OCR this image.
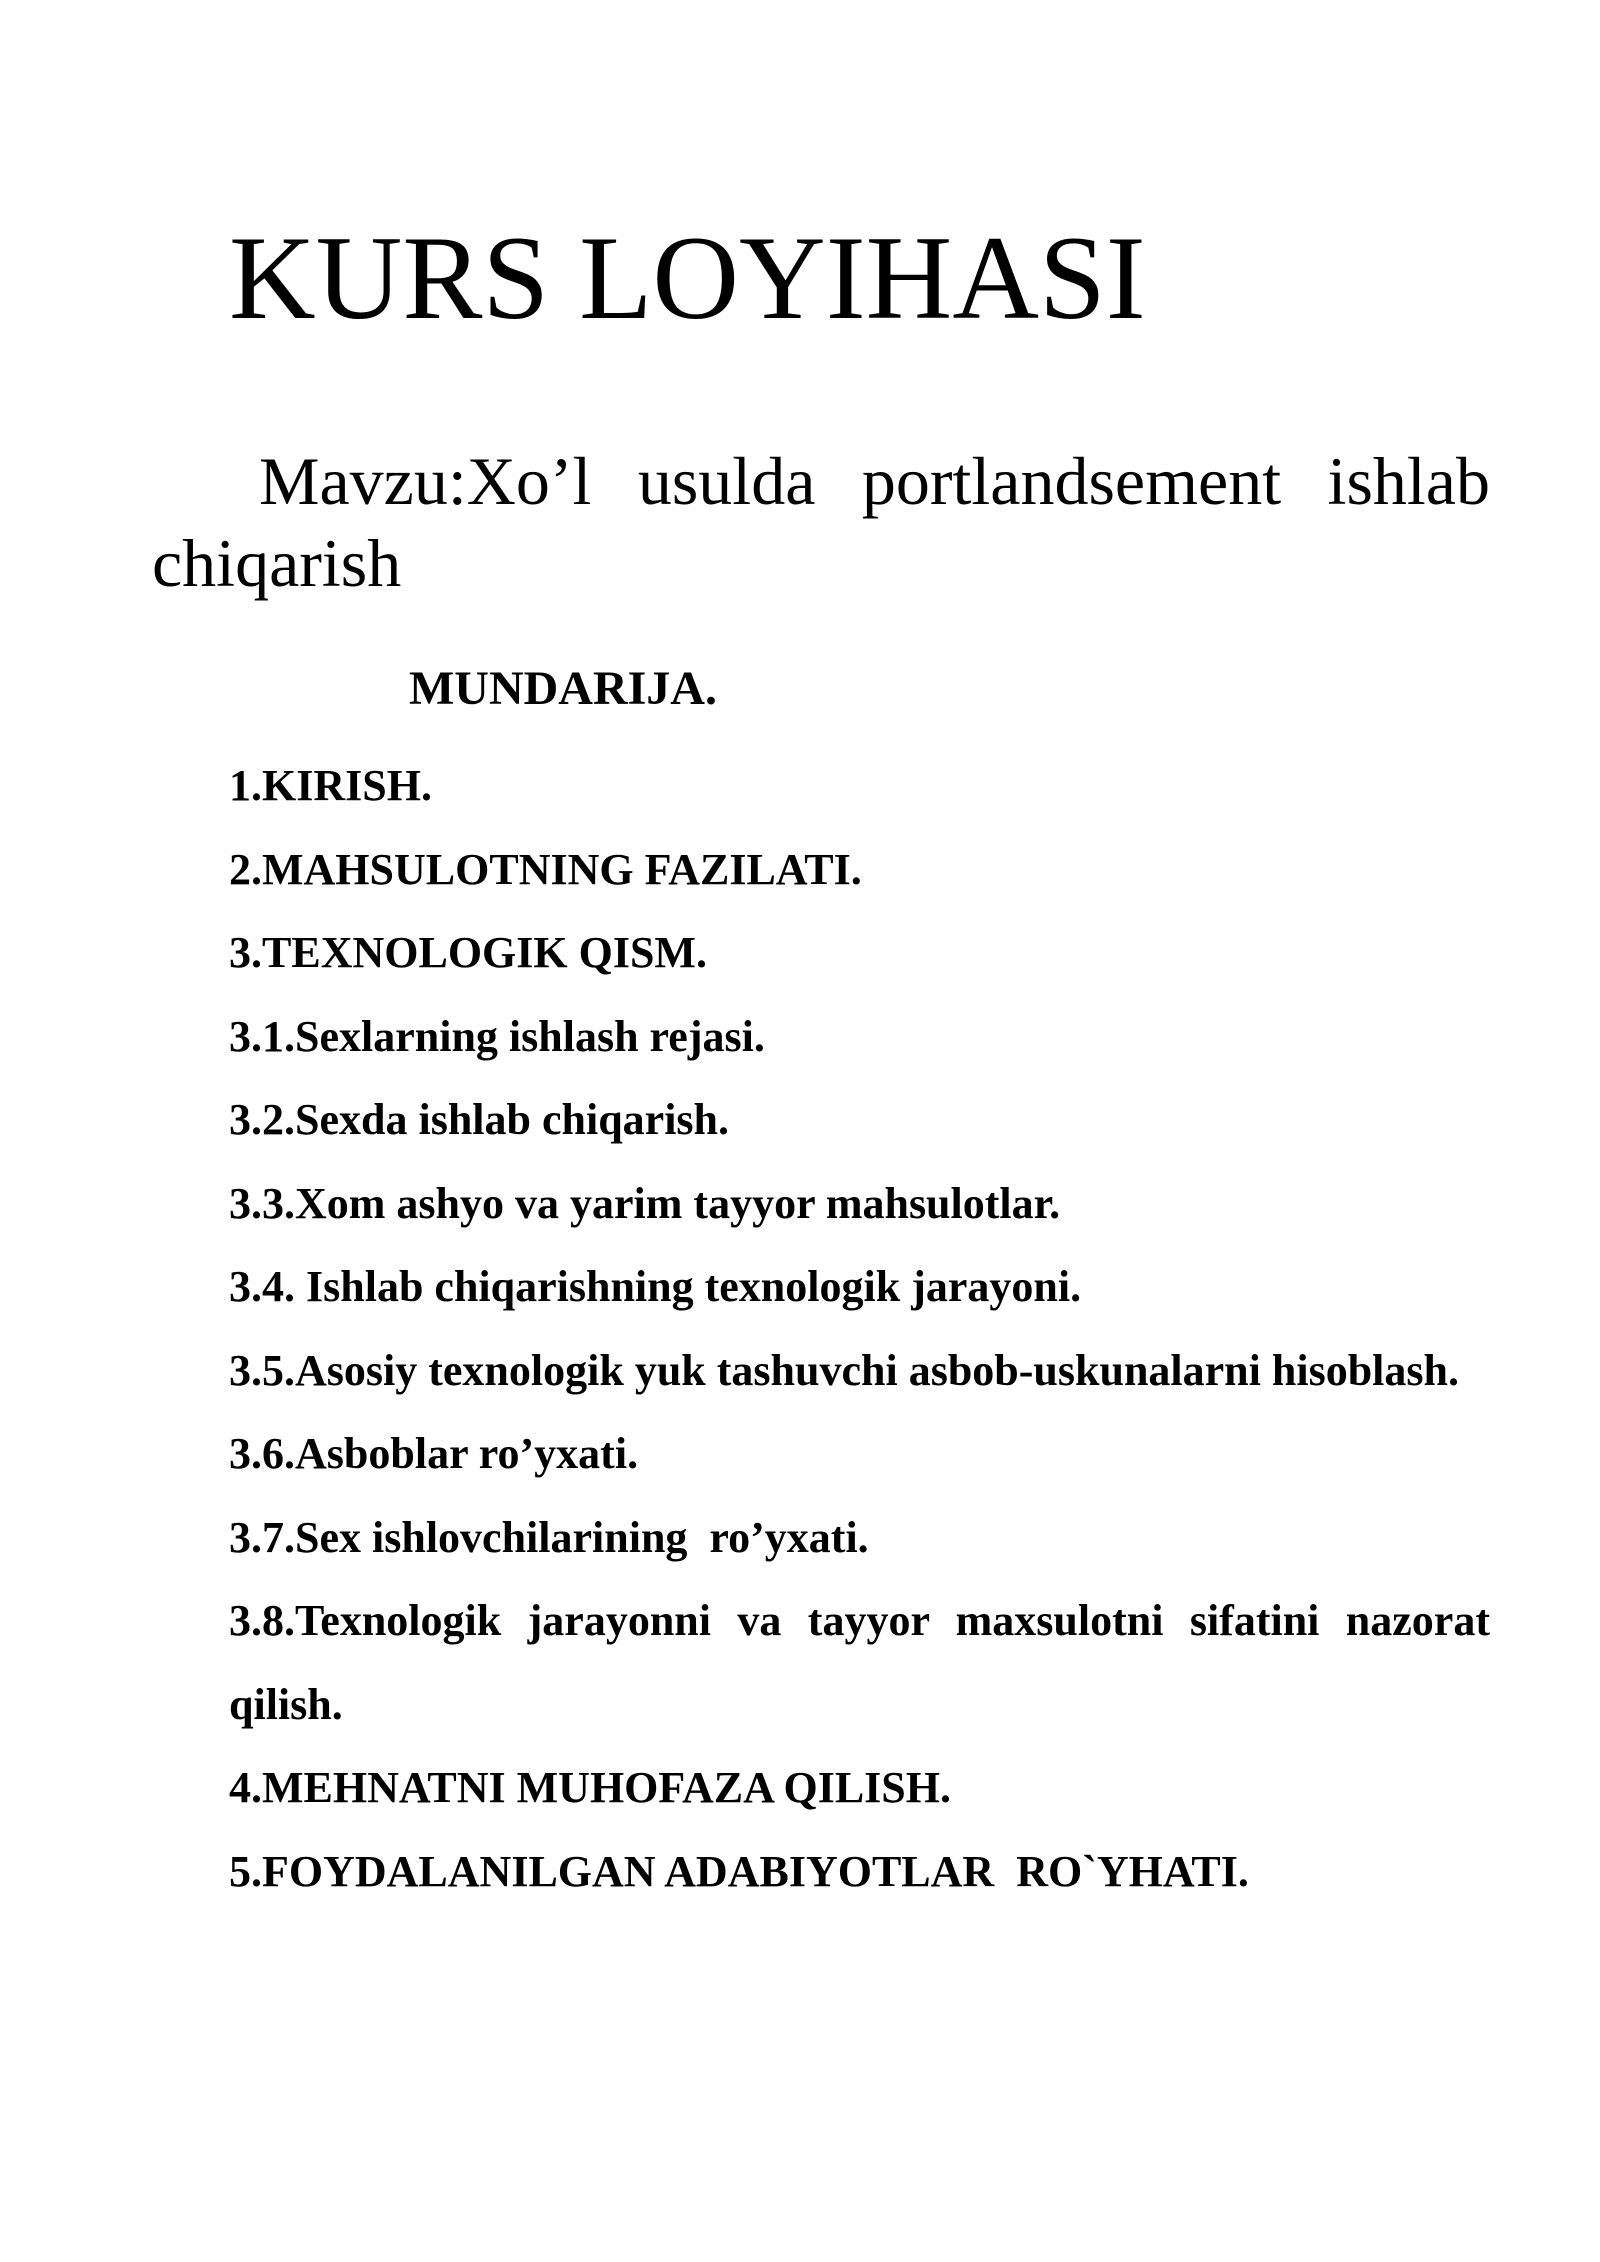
KURS LOYIHASI

Mavzu:Xo’l usulda portlandsement ishlab chiqarish

MUNDARIJA.
1.KIRISH.
2.MAHSULOTNING FAZILATI.
3.TEXNOLOGIK QISM.
3.1.Sexlarning ishlash rejasi.
3.2.Sexda ishlab chiqarish.
3.3.Xom ashyo va yarim tayyor mahsulotlar.
3.4. Ishlab chiqarishning texnologik jarayoni.
3.5.Asosiy texnologik yuk tashuvchi asbob-uskunalarni hisoblash.
3.6.Asboblar ro’yxati.
3.7.Sex ishlovchilarining  ro’yxati.
3.8.Texnologik jarayonni va tayyor maxsulotni sifatini nazorat qilish.
4.MEHNATNI MUHOFAZA QILISH.
5.FOYDALANILGAN ADABIYOTLAR  RO`YHATI.
